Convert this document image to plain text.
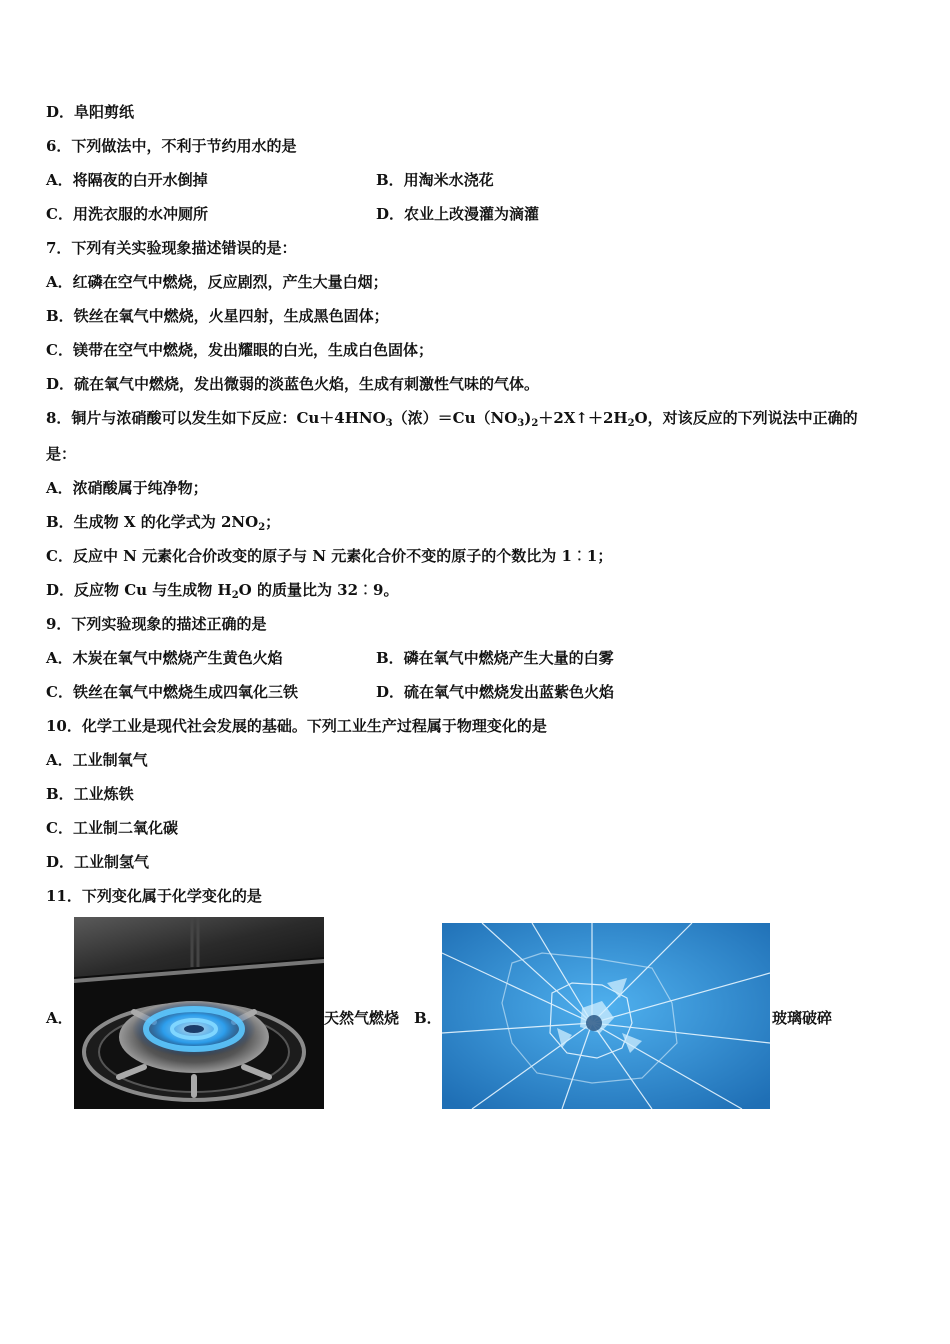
D．阜阳剪纸
6．下列做法中，不利于节约用水的是
A．将隔夜的白开水倒掉	B．用淘米水浇花
C．用洗衣服的水冲厕所	D．农业上改漫灌为滴灌
7．下列有关实验现象描述错误的是：
A．红磷在空气中燃烧，反应剧烈，产生大量白烟；
B．铁丝在氧气中燃烧，火星四射，生成黑色固体；
C．镁带在空气中燃烧，发出耀眼的白光，生成白色固体；
D．硫在氧气中燃烧，发出微弱的淡蓝色火焰，生成有刺激性气味的气体。
8．铜片与浓硝酸可以发生如下反应：$Cu+4HNO_3$（浓）$=Cu(NO_3)_2+2X↑+2H_2O$，对该反应的下列说法中正确的
是：
A．浓硝酸属于纯净物；
B．生成物 X 的化学式为 $2NO_2$；
C．反应中 N 元素化合价改变的原子与 N 元素化合价不变的原子的个数比为 1︰1；
D．反应物 Cu 与生成物 $H_2O$ 的质量比为 32︰9。
9．下列实验现象的描述正确的是
A．木炭在氧气中燃烧产生黄色火焰	B．磷在氧气中燃烧产生大量的白雾
C．铁丝在氧气中燃烧生成四氧化三铁	D．硫在氧气中燃烧发出蓝紫色火焰
10．化学工业是现代社会发展的基础。下列工业生产过程属于物理变化的是
A．工业制氧气
B．工业炼铁
C．工业制二氧化碳
D．工业制氢气
11．下列变化属于化学变化的是
A．	天然气燃烧 B．	玻璃破碎
